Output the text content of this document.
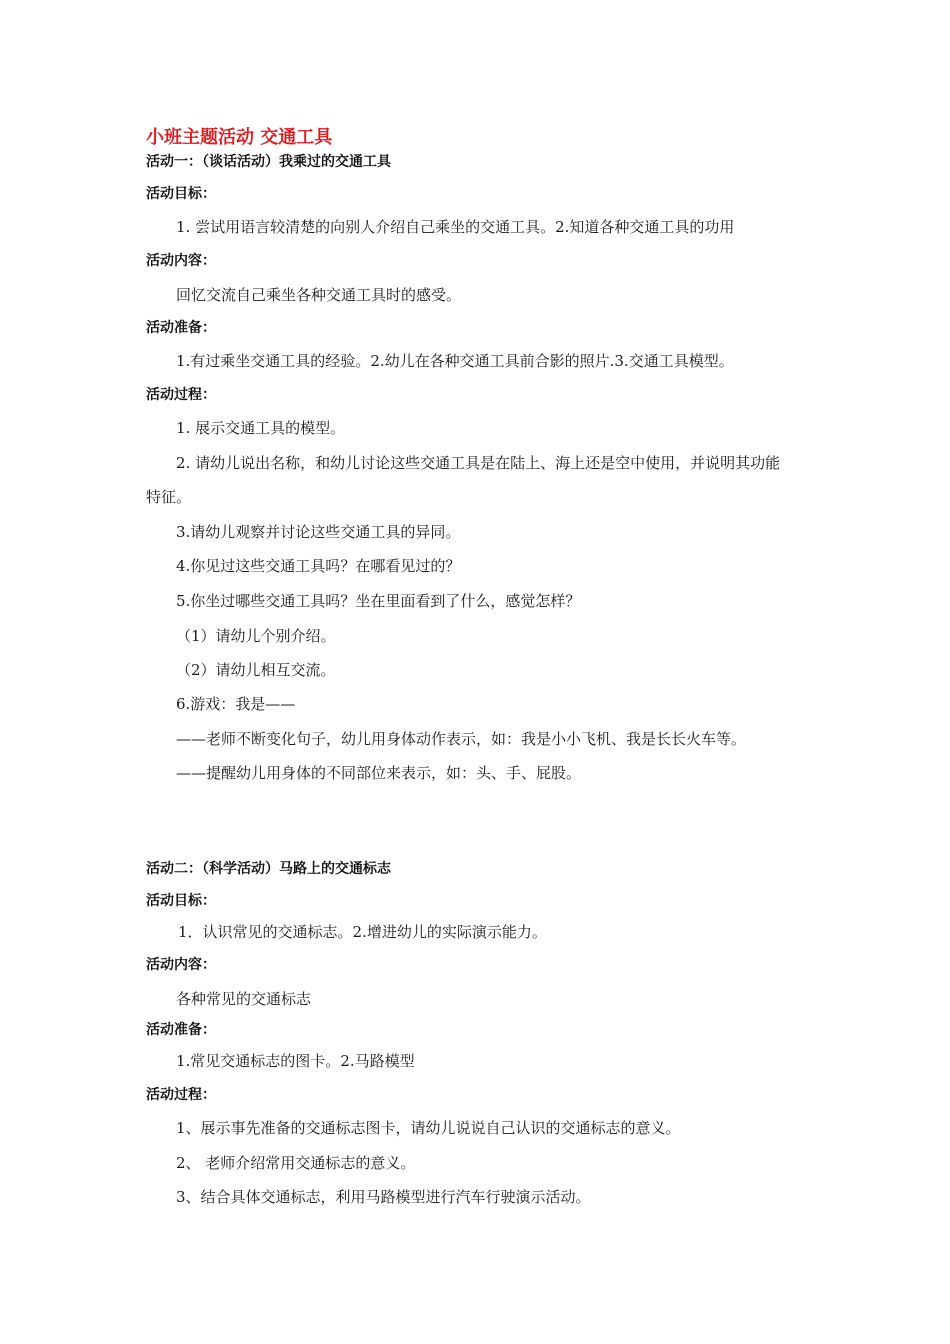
小班主题活动 交通工具
活动一：（谈话活动）我乘过的交通工具
活动目标：
1. 尝试用语言较清楚的向别人介绍自己乘坐的交通工具。2.知道各种交通工具的功用
活动内容：
回忆交流自己乘坐各种交通工具时的感受。
活动准备：
1.有过乘坐交通工具的经验。2.幼儿在各种交通工具前合影的照片.3.交通工具模型。
活动过程：
1. 展示交通工具的模型。
2. 请幼儿说出名称，和幼儿讨论这些交通工具是在陆上、海上还是空中使用，并说明其功能
特征。
3.请幼儿观察并讨论这些交通工具的异同。
4.你见过这些交通工具吗？在哪看见过的？
5.你坐过哪些交通工具吗？坐在里面看到了什么，感觉怎样？
（1）请幼儿个别介绍。
（2）请幼儿相互交流。
6.游戏：我是——
——老师不断变化句子，幼儿用身体动作表示，如：我是小小飞机、我是长长火车等。
——提醒幼儿用身体的不同部位来表示，如：头、手、屁股。
活动二：（科学活动）马路上的交通标志
活动目标：
1．认识常见的交通标志。2.增进幼儿的实际演示能力。
活动内容：
各种常见的交通标志
活动准备：
1.常见交通标志的图卡。2.马路模型
活动过程：
1、展示事先准备的交通标志图卡，请幼儿说说自己认识的交通标志的意义。
2、 老师介绍常用交通标志的意义。
3、结合具体交通标志，利用马路模型进行汽车行驶演示活动。
